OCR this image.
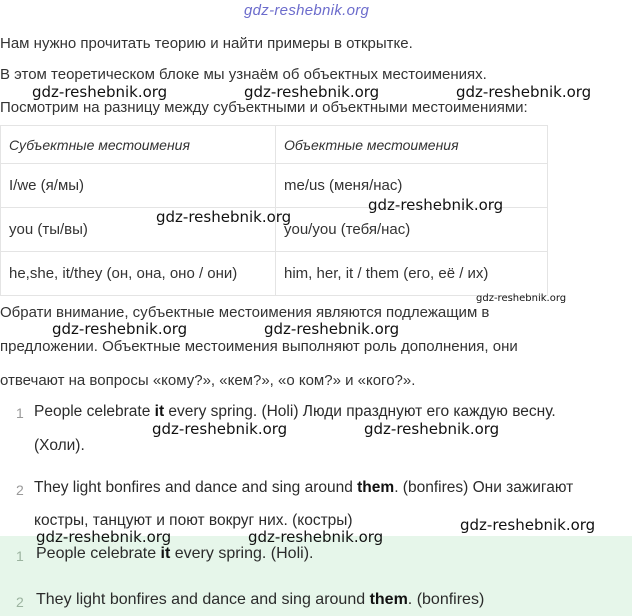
gdz-reshebnik.org
Нам нужно прочитать теорию и найти примеры в открытке.
В этом теоретическом блоке мы узнаём об объектных местоимениях.
Посмотрим на разницу между субъектными и объектными местоимениями:
Субъектные местоимения	Объектные местоимения
I/we (я/мы)	me/us (меня/нас)
you (ты/вы)	you/you (тебя/нас)
he,she, it/they (он, она, оно / они)	him, her, it / them (его, её / их)
Обрати внимание, субъектные местоимения являются подлежащим в
предложении. Объектные местоимения выполняют роль дополнения, они
отвечают на вопросы «кому?», «кем?», «о ком?» и «кого?».
1 People celebrate it every spring. (Holi) Люди празднуют его каждую весну.
(Холи).
2 They light bonfires and dance and sing around them. (bonfires) Они зажигают
костры, танцуют и поют вокруг них. (костры)
1 People celebrate it every spring. (Holi).
2 They light bonfires and dance and sing around them. (bonfires)
gdz-reshebnik.org	gdz-reshebnik.org	gdz-reshebnik.org
gdz-reshebnik.org
gdz-reshebnik.org
gdz-reshebnik.org
gdz-reshebnik.org	gdz-reshebnik.org
gdz-reshebnik.org	gdz-reshebnik.org
gdz-reshebnik.org
gdz-reshebnik.org	gdz-reshebnik.org
